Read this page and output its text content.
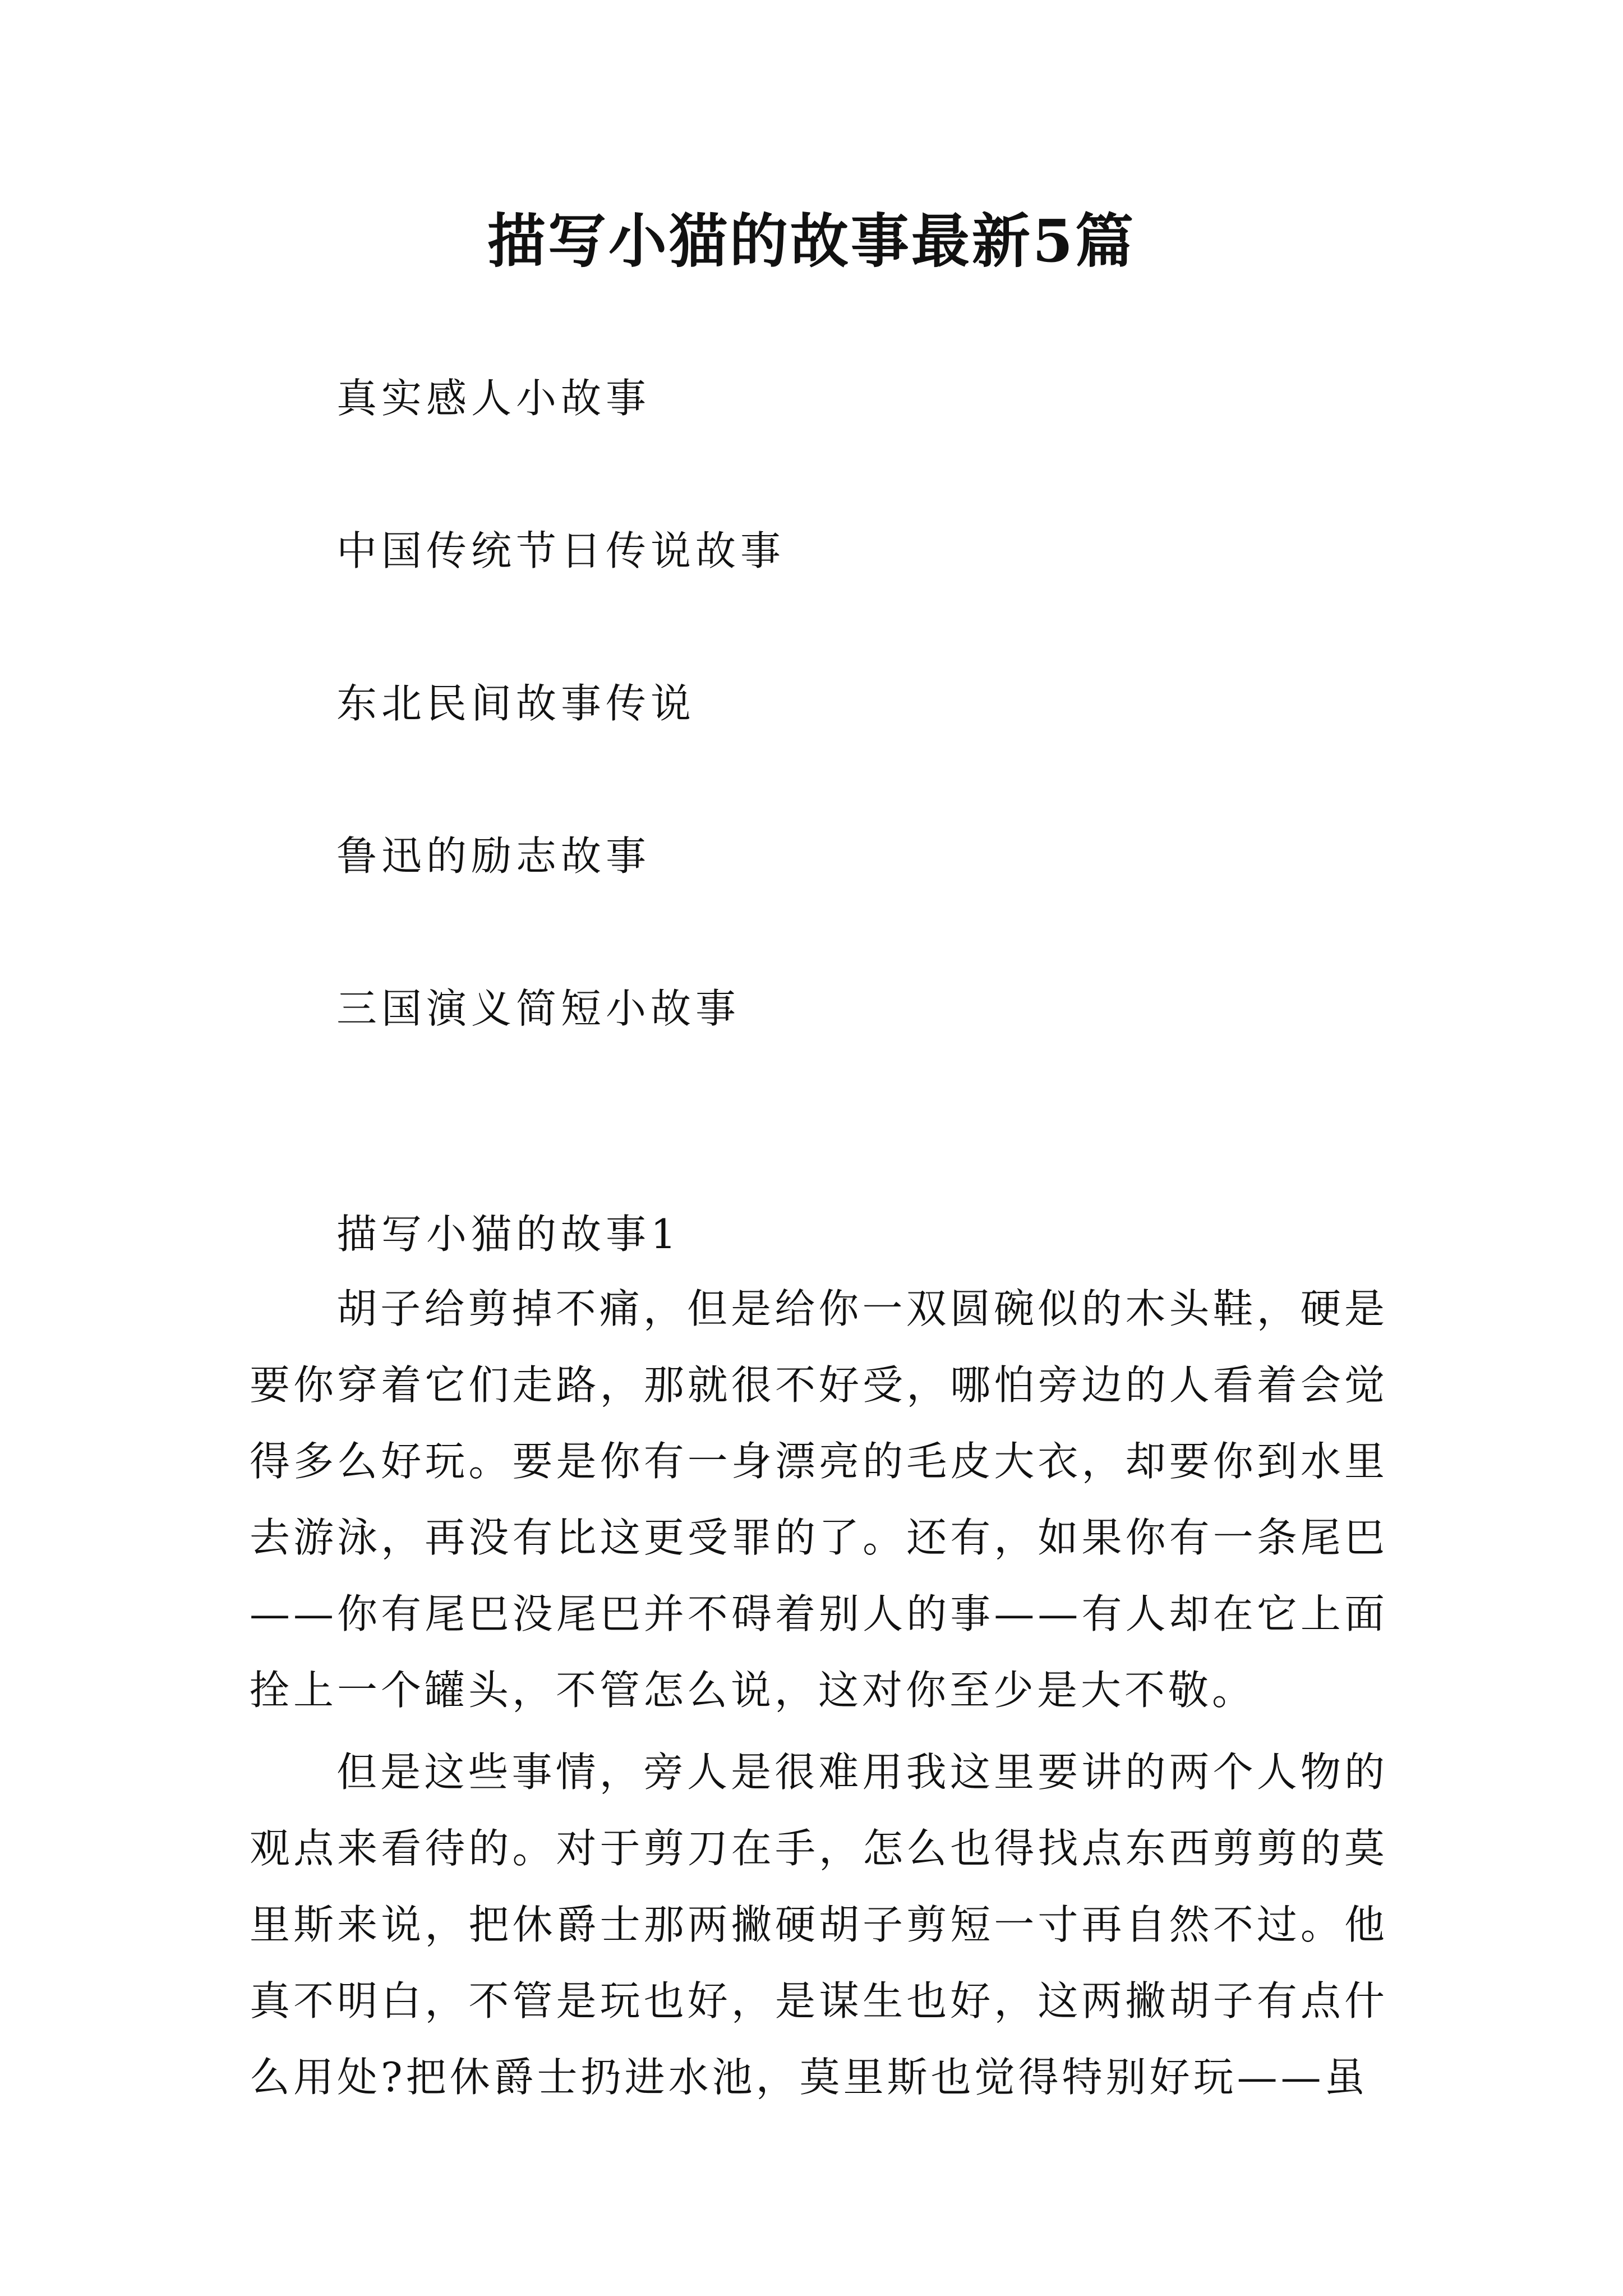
描写小猫的故事最新5篇
真实感人小故事
中国传统节日传说故事
东北民间故事传说
鲁迅的励志故事
三国演义简短小故事
描写小猫的故事1

胡子给剪掉不痛，但是给你一双圆碗似的木头鞋，硬是要你穿着它们走路，那就很不好受，哪怕旁边的人看着会觉得多么好玩。要是你有一身漂亮的毛皮大衣，却要你到水里去游泳，再没有比这更受罪的了。还有，如果你有一条尾巴——你有尾巴没尾巴并不碍着别人的事——有人却在它上面拴上一个罐头，不管怎么说，这对你至少是大不敬。

但是这些事情，旁人是很难用我这里要讲的两个人物的观点来看待的。对于剪刀在手，怎么也得找点东西剪剪的莫里斯来说，把休爵士那两撇硬胡子剪短一寸再自然不过。他真不明白，不管是玩也好，是谋生也好，这两撇胡子有点什么用处?把休爵士扔进水池，莫里斯也觉得特别好玩——虽
